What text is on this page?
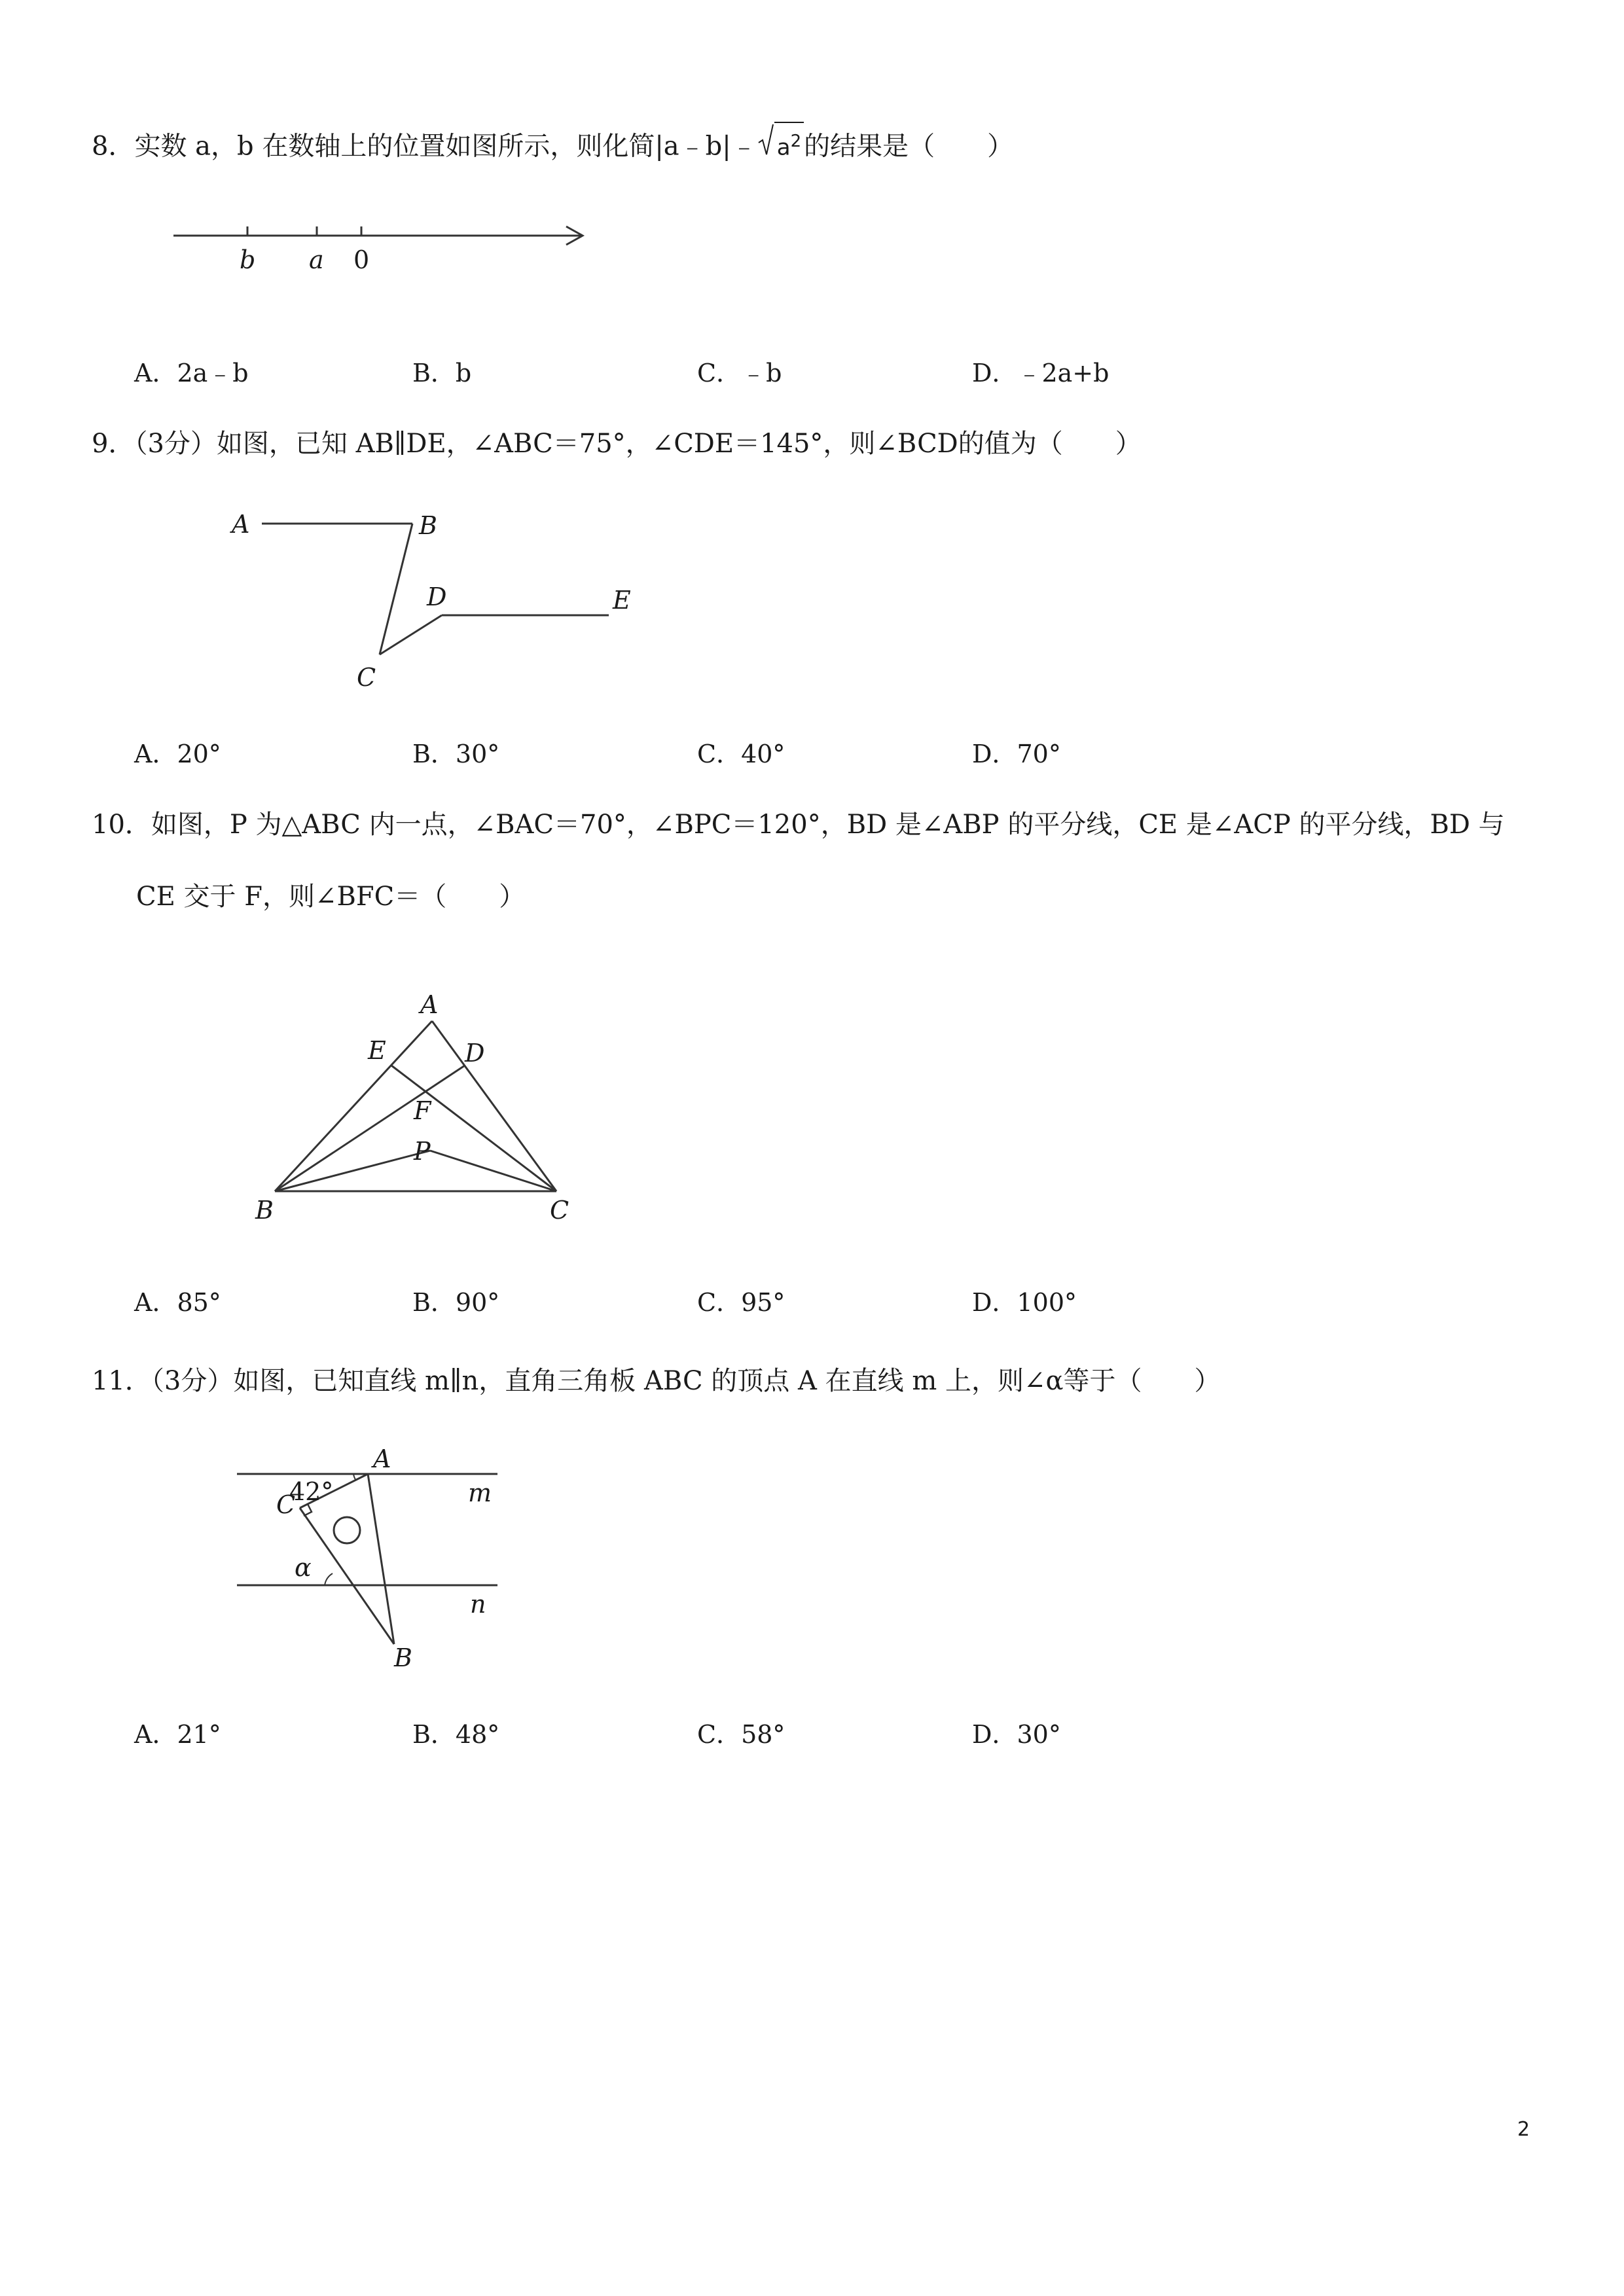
8．实数 a，b 在数轴上的位置如图所示，则化简|a﹣b|﹣ $a^2$ 的结果是（　　）
b a 0
A．2a﹣b	B．b	C．﹣b	D．﹣2a+b
9．（3分）如图，已知 AB∥DE，∠ABC＝75°，∠CDE＝145°，则∠BCD的值为（　　）
A	B
C
D	E
A．20°	B．30°	C．40°	D．70°
10．如图，P 为△ABC 内一点，∠BAC＝70°，∠BPC＝120°，BD 是∠ABP 的平分线，CE 是∠ACP 的平分线，BD 与
CE 交于 F，则∠BFC＝（　　）
A
B	C
D
E
F
P
A．85°	B．90°	C．95°	D．100°
11．（3分）如图，已知直线 m∥n，直角三角板 ABC 的顶点 A 在直线 m 上，则∠α等于（　　）
A
C
B
m
n
42°
α
A．21°	B．48°	C．58°	D．30°
2
